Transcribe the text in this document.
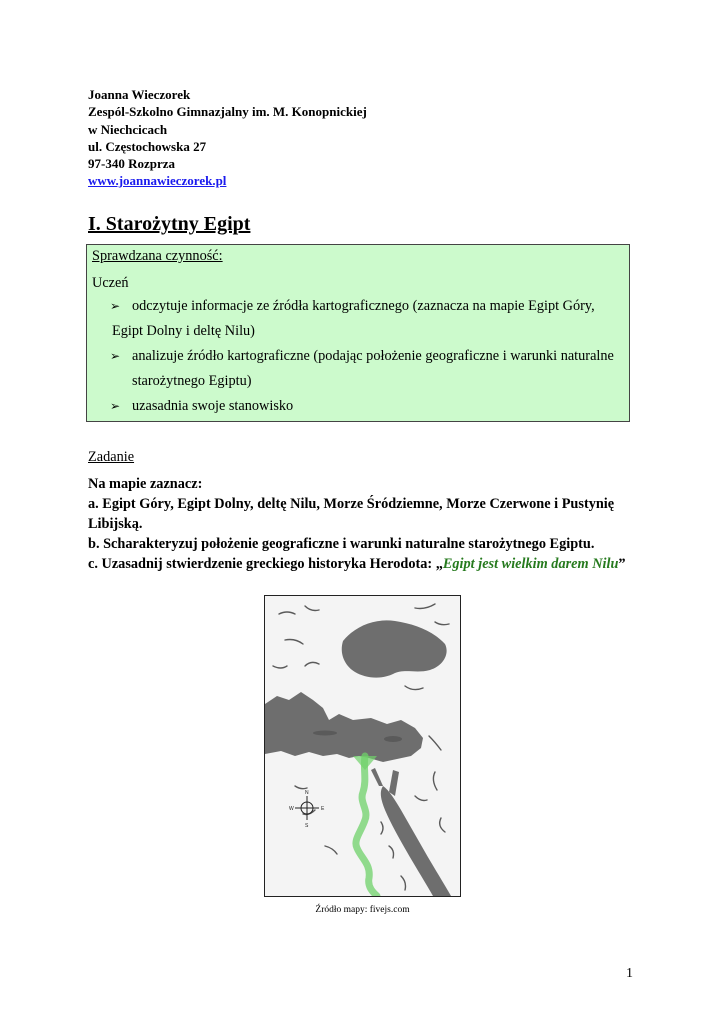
Joanna Wieczorek
Zespól-Szkolno Gimnazjalny im. M. Konopnickiej
w Niechcicach
ul. Częstochowska 27
97-340 Rozprza
www.joannawieczorek.pl
I. Starożytny Egipt
Sprawdzana czynność:
Uczeń
➢ odczytuje informacje ze źródła kartograficznego (zaznacza na mapie Egipt Góry,
Egipt Dolny i deltę Nilu)
➢ analizuje źródło kartograficzne (podając położenie geograficzne i warunki naturalne
starożytnego Egiptu)
➢ uzasadnia swoje stanowisko
Zadanie

Na mapie zaznacz:

a. Egipt Góry, Egipt Dolny, deltę Nilu, Morze Śródziemne, Morze Czerwone i Pustynię Libijską.

b. Scharakteryzuj położenie geograficzne i warunki naturalne starożytnego Egiptu.

c. Uzasadnij stwierdzenie greckiego historyka Herodota: „Egipt jest wielkim darem Nilu”

N
S
E
W
Źródło mapy: fivejs.com
1
